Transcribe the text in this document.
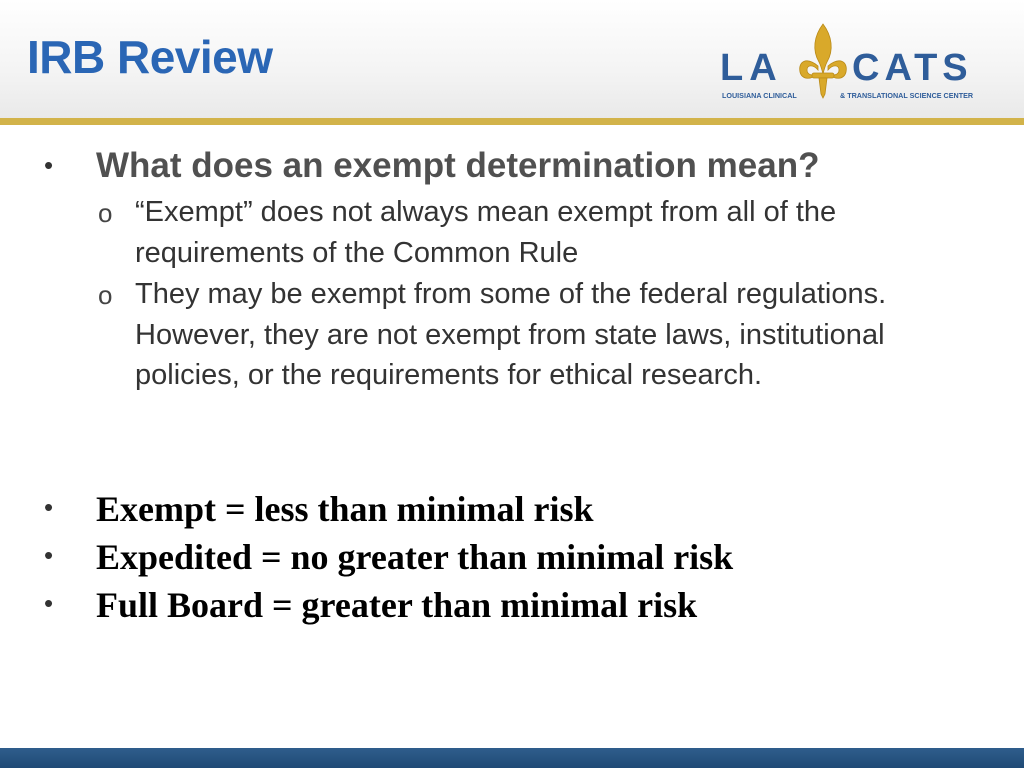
IRB Review	LA CATS
LOUISIANA CLINICAL	& TRANSLATIONAL SCIENCE CENTER
• What does an exempt determination mean?
o “Exempt” does not always mean exempt from all of the requirements of the Common Rule

o They may be exempt from some of the federal regulations. However, they are not exempt from state laws, institutional policies, or the requirements for ethical research.

• Exempt = less than minimal risk

• Expedited = no greater than minimal risk

• Full Board = greater than minimal risk
